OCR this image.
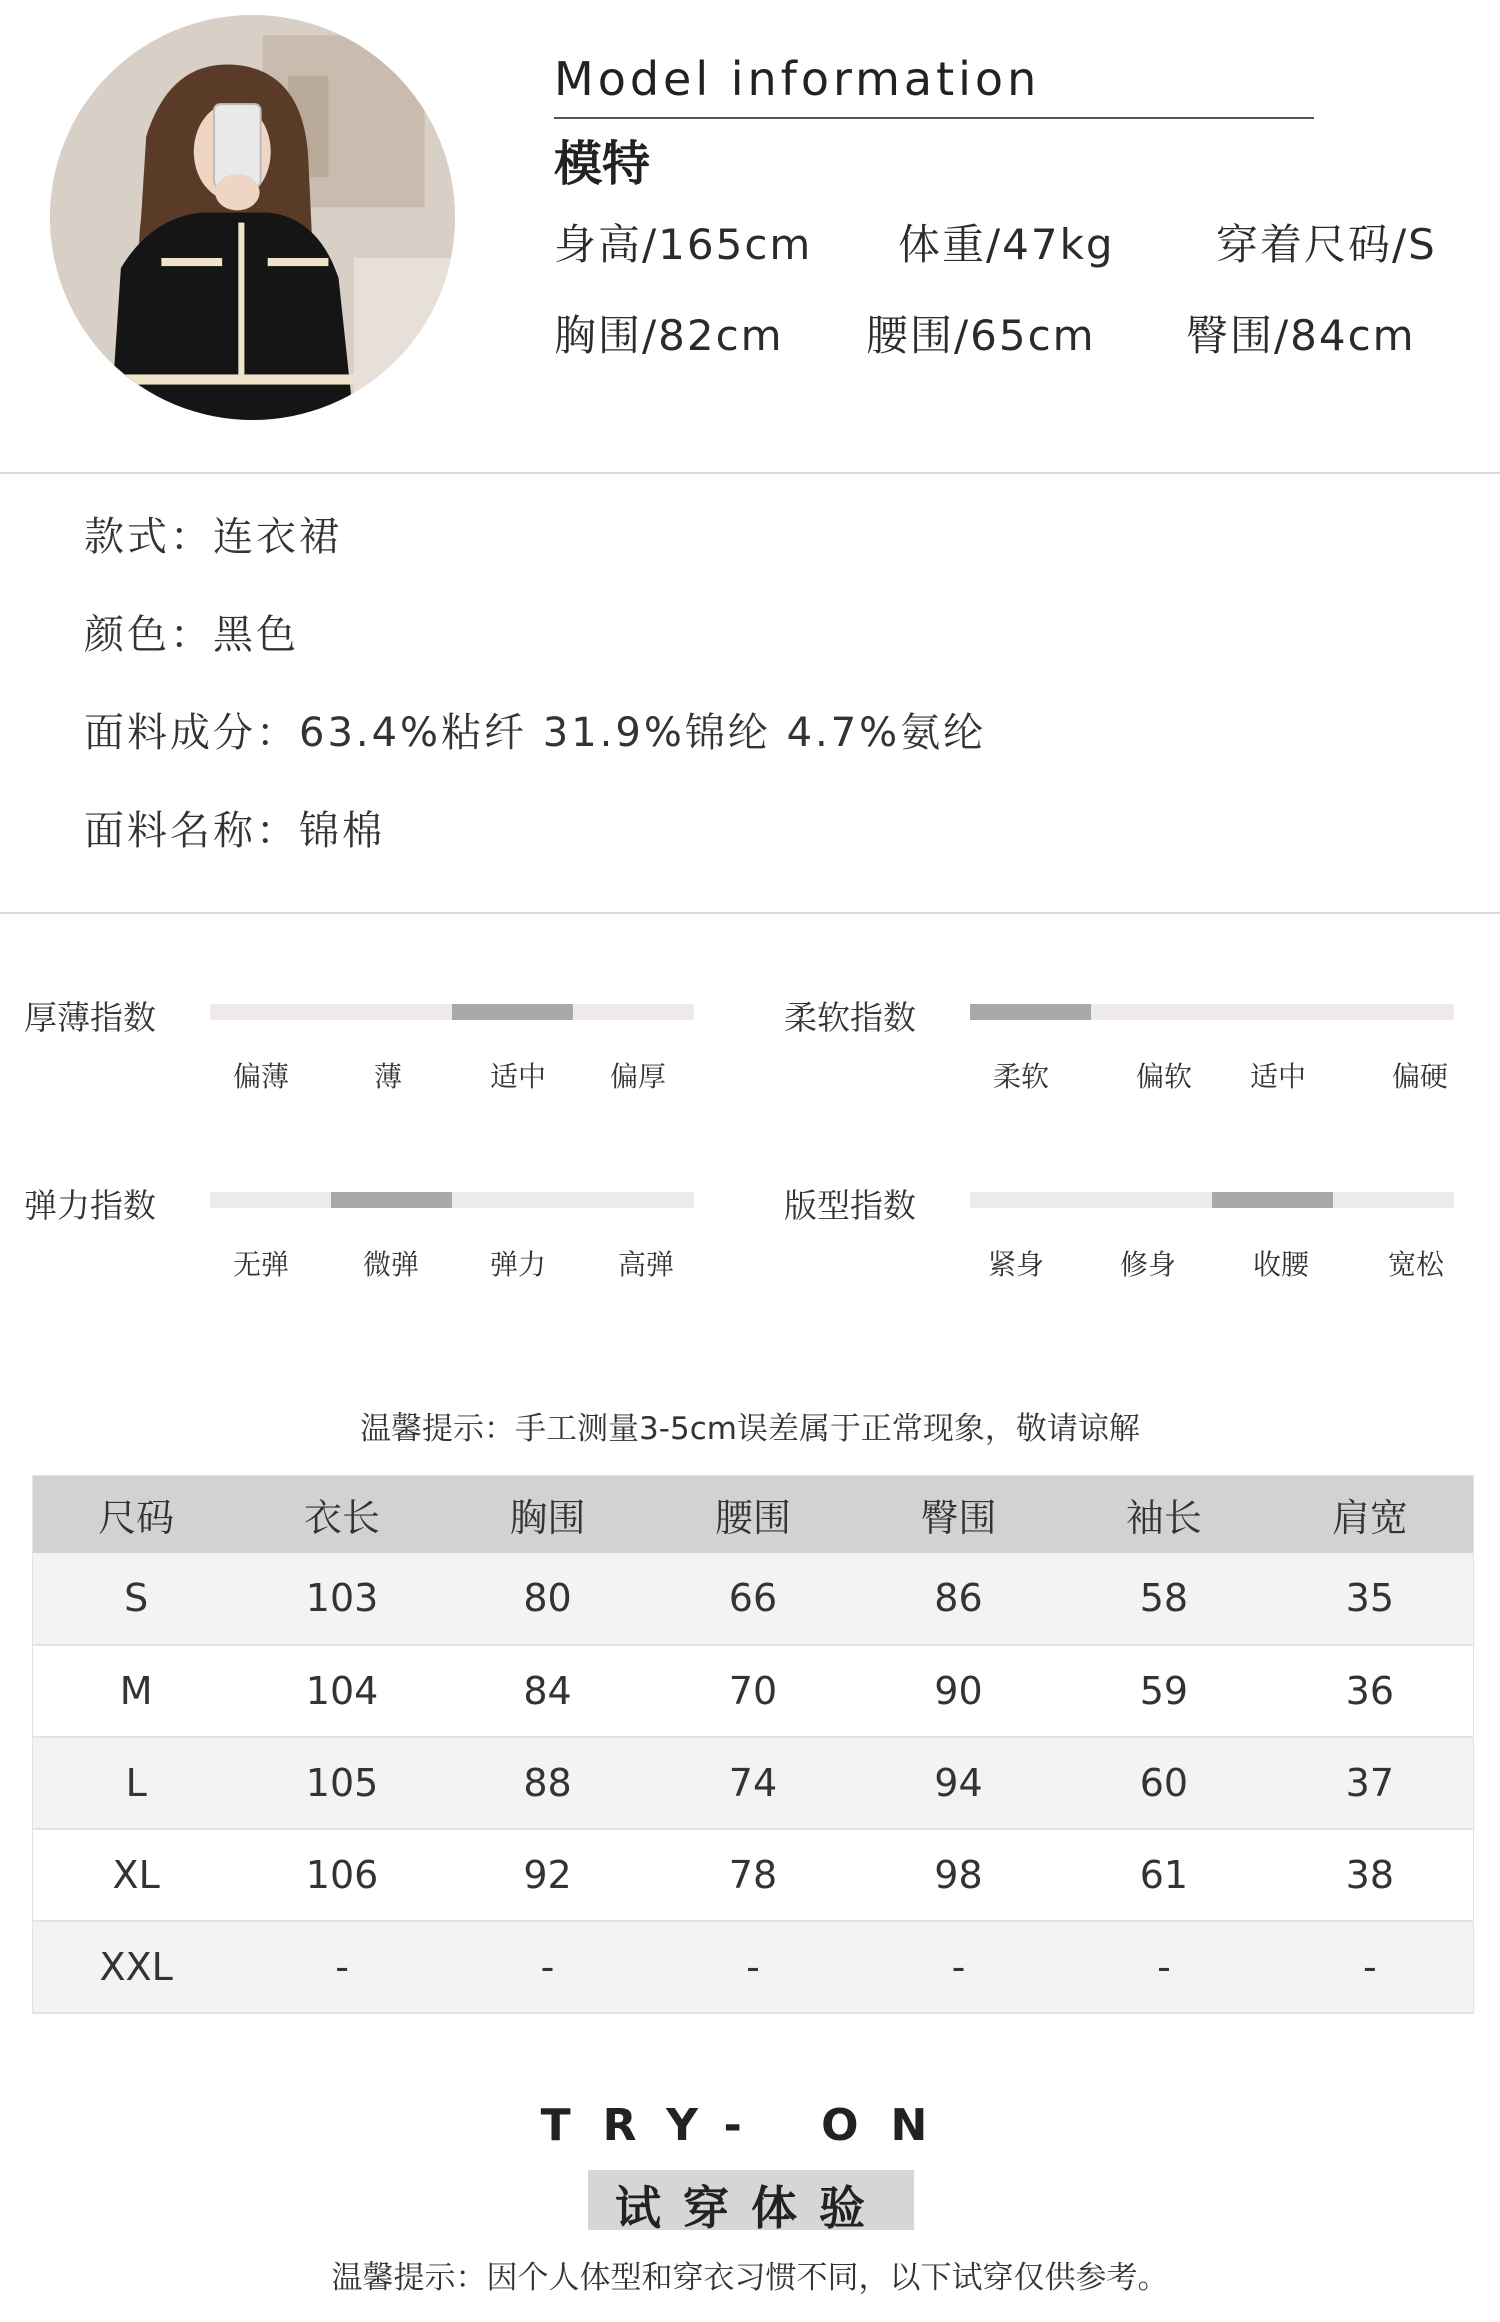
Model information
模特
身高/165cm 体重/47kg 穿着尺码/S
胸围/82cm 腰围/65cm 臀围/84cm
款式：连衣裙
颜色：黑色
面料成分：63.4%粘纤 31.9%锦纶 4.7%氨纶
面料名称：锦棉
厚薄指数
偏薄	薄	适中 偏厚
柔软指数
柔软	偏软 适中	偏硬
弹力指数
无弹	微弹	弹力	高弹
版型指数
紧身	修身	收腰	宽松
温馨提示：手工测量3-5cm误差属于正常现象，敬请谅解
尺码	衣长	胸围	腰围	臀围	袖长	肩宽
S	103	80	66	86	58	35
M	104	84	70	90	59	36
L	105	88	74	94	60	37
XL	106	92	78	98	61	38
XXL	-	-	-	-	-	-
TRY- ON
试穿体验
温馨提示：因个人体型和穿衣习惯不同，以下试穿仅供参考。
